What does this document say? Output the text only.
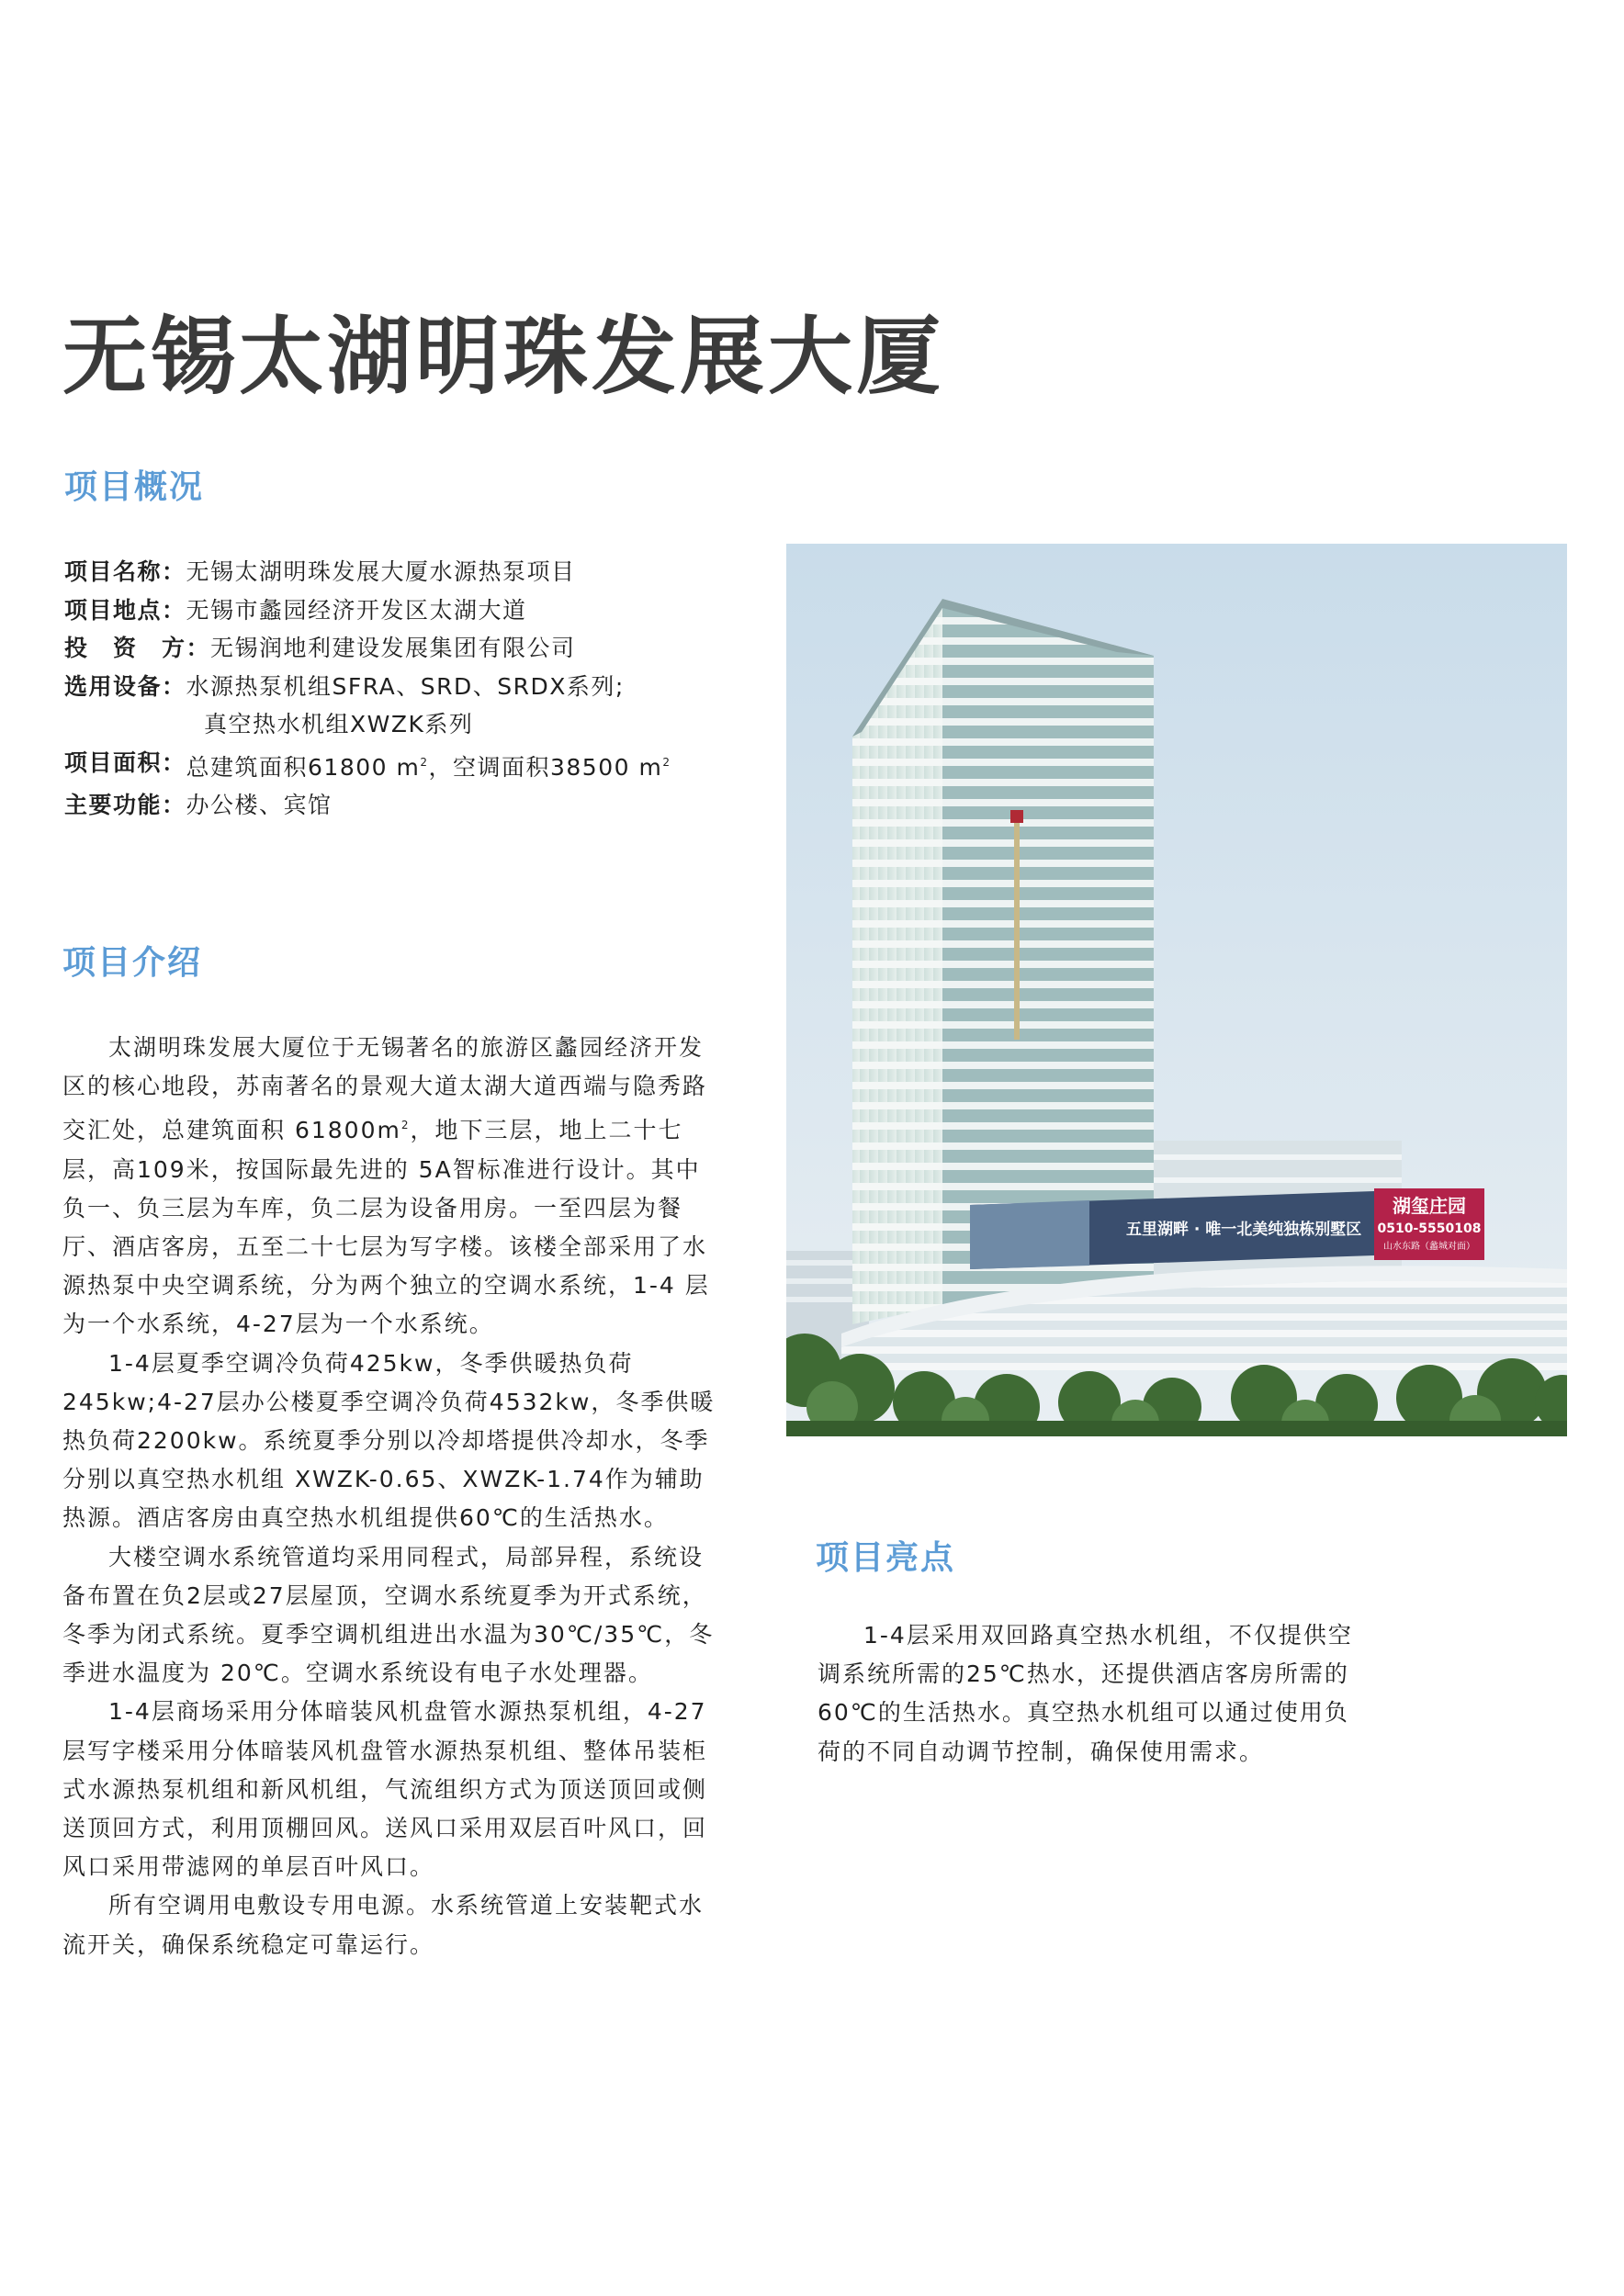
无锡太湖明珠发展大厦
项目概况
项目名称： 无锡太湖明珠发展大厦水源热泵项目
项目地点： 无锡市蠡园经济开发区太湖大道
投　资　方： 无锡润地利建设发展集团有限公司
选用设备： 水源热泵机组SFRA、SRD、SRDX系列;
真空热水机组XWZK系列
项目面积： 总建筑面积61800 $m^2$，空调面积38500 $m^2$
主要功能： 办公楼、宾馆
项目介绍

太湖明珠发展大厦位于无锡著名的旅游区蠡园经济开发区的核心地段，苏南著名的景观大道太湖大道西端与隐秀路交汇处，总建筑面积 $61800m^2$，地下三层，地上二十七层，高109米，按国际最先进的 5A智标准进行设计。其中负一、负三层为车库，负二层为设备用房。一至四层为餐厅、酒店客房，五至二十七层为写字楼。该楼全部采用了水源热泵中央空调系统，分为两个独立的空调水系统，1-4 层为一个水系统，4-27层为一个水系统。

1-4层夏季空调冷负荷425kw，冬季供暖热负荷245kw;4-27层办公楼夏季空调冷负荷4532kw，冬季供暖热负荷2200kw。系统夏季分别以冷却塔提供冷却水，冬季分别以真空热水机组 XWZK-0.65、XWZK-1.74作为辅助热源。酒店客房由真空热水机组提供60℃的生活热水。

大楼空调水系统管道均采用同程式，局部异程，系统设备布置在负2层或27层屋顶，空调水系统夏季为开式系统，冬季为闭式系统。夏季空调机组进出水温为30℃/35℃，冬季进水温度为 20℃。空调水系统设有电子水处理器。

1-4层商场采用分体暗装风机盘管水源热泵机组，4-27 层写字楼采用分体暗装风机盘管水源热泵机组、整体吊装柜式水源热泵机组和新风机组，气流组织方式为顶送顶回或侧送顶回方式，利用顶棚回风。送风口采用双层百叶风口，回风口采用带滤网的单层百叶风口。

所有空调用电敷设专用电源。水系统管道上安装靶式水流开关，确保系统稳定可靠运行。

五里湖畔 · 唯一北美纯独栋别墅区
湖玺庄园
0510-5550108
山水东路（蠡城对面）
项目亮点

1-4层采用双回路真空热水机组，不仅提供空调系统所需的25℃热水，还提供酒店客房所需的60℃的生活热水。真空热水机组可以通过使用负荷的不同自动调节控制，确保使用需求。
